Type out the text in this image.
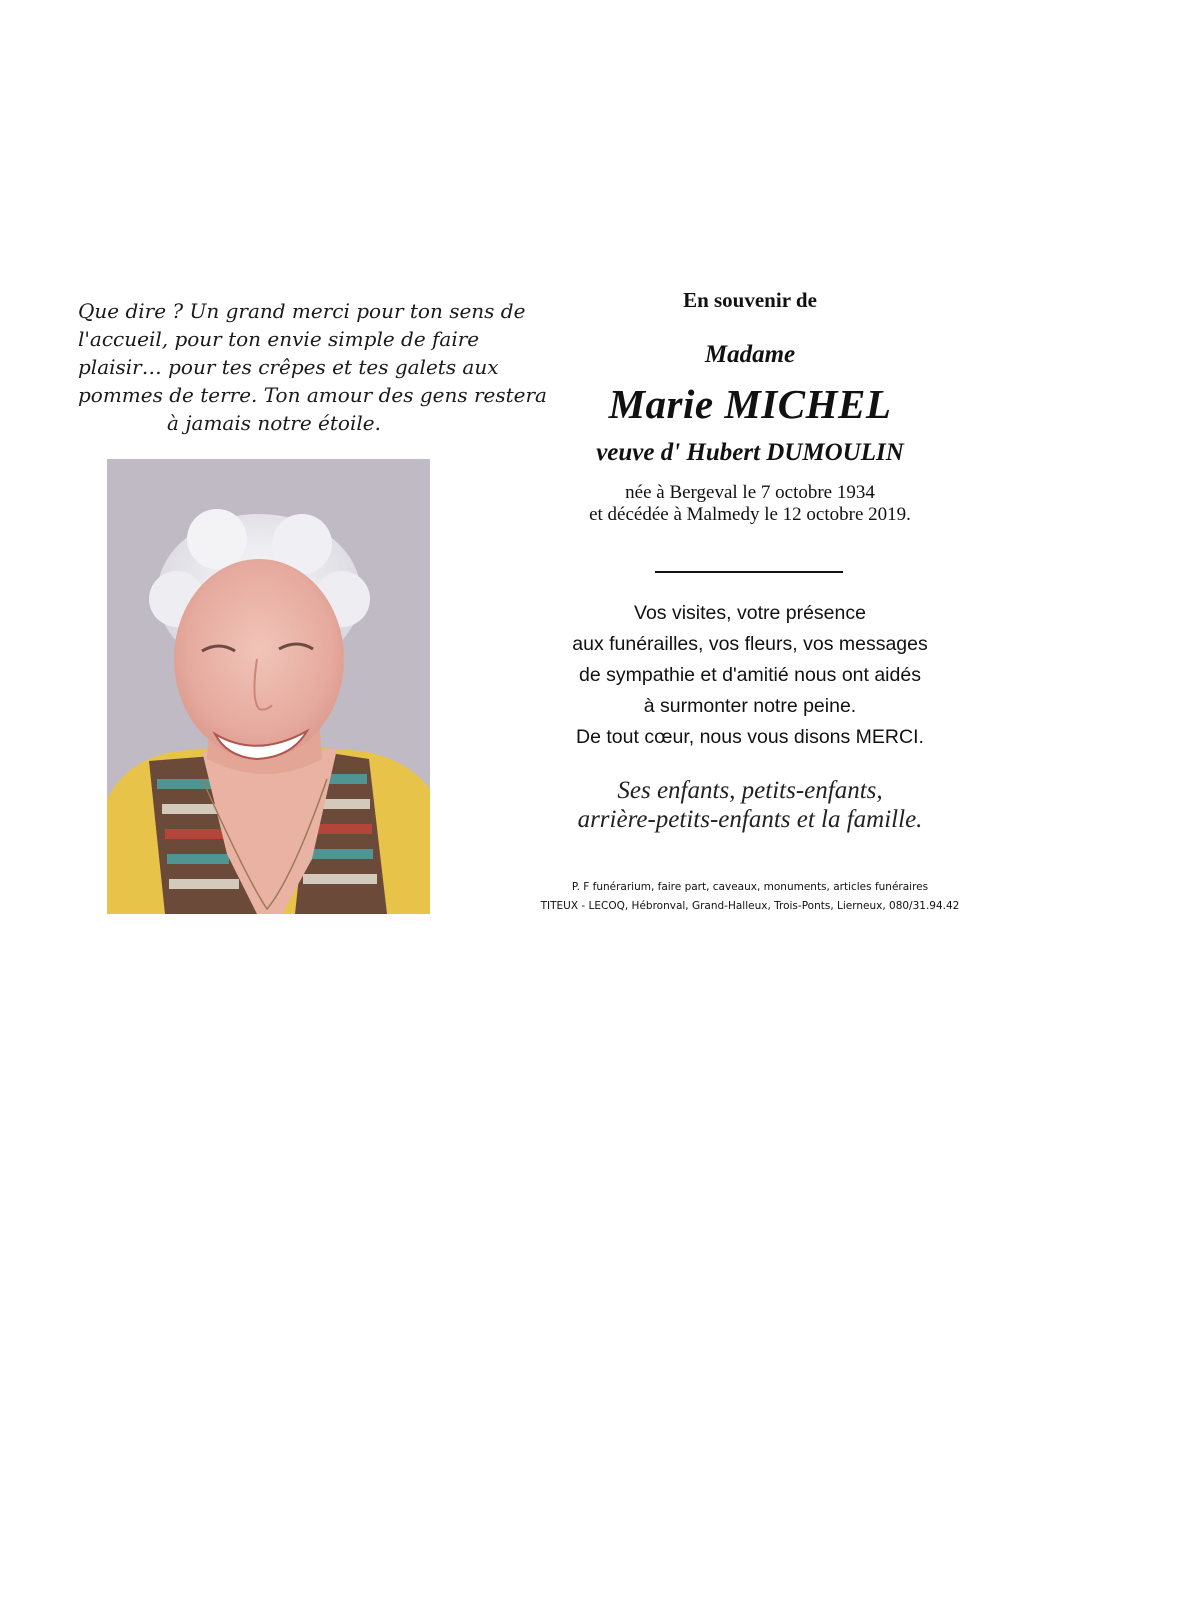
Que dire ? Un grand merci pour ton sens de
l'accueil, pour ton envie simple de faire
plaisir… pour tes crêpes et tes galets aux
pommes de terre. Ton amour des gens restera
à jamais notre étoile.
En souvenir de
Madame
Marie MICHEL
veuve d' Hubert DUMOULIN
née à Bergeval le 7 octobre 1934
et décédée à Malmedy le 12 octobre 2019.
Vos visites, votre présence
aux funérailles, vos fleurs, vos messages
de sympathie et d'amitié nous ont aidés
à surmonter notre peine.
De tout cœur, nous vous disons MERCI.
Ses enfants, petits-enfants,
arrière-petits-enfants et la famille.
P. F funérarium, faire part, caveaux, monuments, articles funéraires
TITEUX - LECOQ, Hébronval, Grand-Halleux, Trois-Ponts, Lierneux, 080/31.94.42
